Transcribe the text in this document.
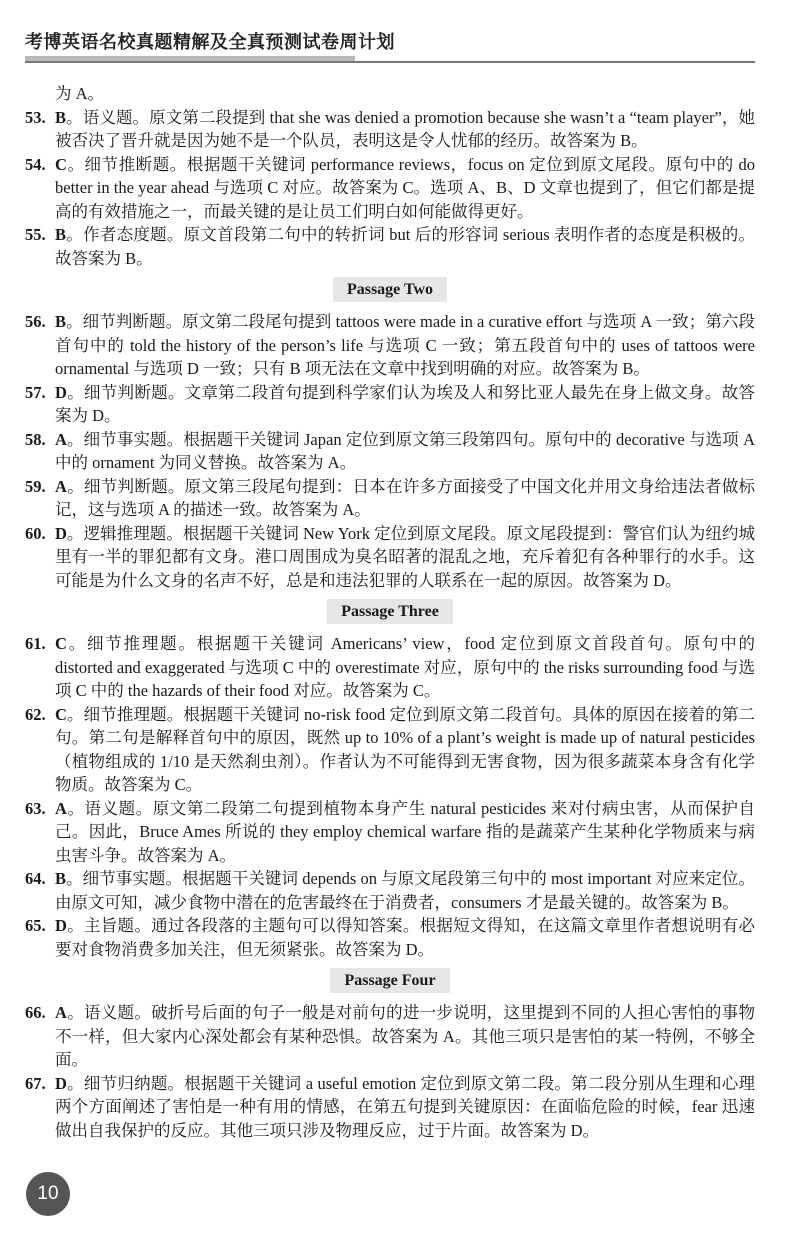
考博英语名校真题精解及全真预测试卷周计划
为 A。
53. B。语义题。原文第二段提到 that she was denied a promotion because she wasn’t a “team player”，她被否决了晋升就是因为她不是一个队员，表明这是令人忧郁的经历。故答案为 B。
54. C。细节推断题。根据题干关键词 performance reviews，focus on 定位到原文尾段。原句中的 do better in the year ahead 与选项 C 对应。故答案为 C。选项 A、B、D 文章也提到了，但它们都是提高的有效措施之一，而最关键的是让员工们明白如何能做得更好。
55. B。作者态度题。原文首段第二句中的转折词 but 后的形容词 serious 表明作者的态度是积极的。故答案为 B。
Passage Two
56. B。细节判断题。原文第二段尾句提到 tattoos were made in a curative effort 与选项 A 一致；第六段首句中的 told the history of the person’s life 与选项 C 一致；第五段首句中的 uses of tattoos were ornamental 与选项 D 一致；只有 B 项无法在文章中找到明确的对应。故答案为 B。
57. D。细节判断题。文章第二段首句提到科学家们认为埃及人和努比亚人最先在身上做文身。故答案为 D。
58. A。细节事实题。根据题干关键词 Japan 定位到原文第三段第四句。原句中的 decorative 与选项 A 中的 ornament 为同义替换。故答案为 A。
59. A。细节判断题。原文第三段尾句提到：日本在许多方面接受了中国文化并用文身给违法者做标记，这与选项 A 的描述一致。故答案为 A。
60. D。逻辑推理题。根据题干关键词 New York 定位到原文尾段。原文尾段提到：警官们认为纽约城里有一半的罪犯都有文身。港口周围成为臭名昭著的混乱之地，充斥着犯有各种罪行的水手。这可能是为什么文身的名声不好，总是和违法犯罪的人联系在一起的原因。故答案为 D。
Passage Three
61. C。细节推理题。根据题干关键词 Americans’ view，food 定位到原文首段首句。原句中的 distorted and exaggerated 与选项 C 中的 overestimate 对应，原句中的 the risks surrounding food 与选项 C 中的 the hazards of their food 对应。故答案为 C。
62. C。细节推理题。根据题干关键词 no-risk food 定位到原文第二段首句。具体的原因在接着的第二句。第二句是解释首句中的原因，既然 up to 10% of a plant’s weight is made up of natural pesticides（植物组成的 1/10 是天然刹虫剂）。作者认为不可能得到无害食物，因为很多蔬菜本身含有化学物质。故答案为 C。
63. A。语义题。原文第二段第二句提到植物本身产生 natural pesticides 来对付病虫害，从而保护自己。因此，Bruce Ames 所说的 they employ chemical warfare 指的是蔬菜产生某种化学物质来与病虫害斗争。故答案为 A。
64. B。细节事实题。根据题干关键词 depends on 与原文尾段第三句中的 most important 对应来定位。由原文可知，减少食物中潜在的危害最终在于消费者，consumers 才是最关键的。故答案为 B。
65. D。主旨题。通过各段落的主题句可以得知答案。根据短文得知，在这篇文章里作者想说明有必要对食物消费多加关注，但无须紧张。故答案为 D。
Passage Four
66. A。语义题。破折号后面的句子一般是对前句的进一步说明，这里提到不同的人担心害怕的事物不一样，但大家内心深处都会有某种恐惧。故答案为 A。其他三项只是害怕的某一特例，不够全面。
67. D。细节归纳题。根据题干关键词 a useful emotion 定位到原文第二段。第二段分别从生理和心理两个方面阐述了害怕是一种有用的情感，在第五句提到关键原因：在面临危险的时候，fear 迅速做出自我保护的反应。其他三项只涉及物理反应，过于片面。故答案为 D。
10
